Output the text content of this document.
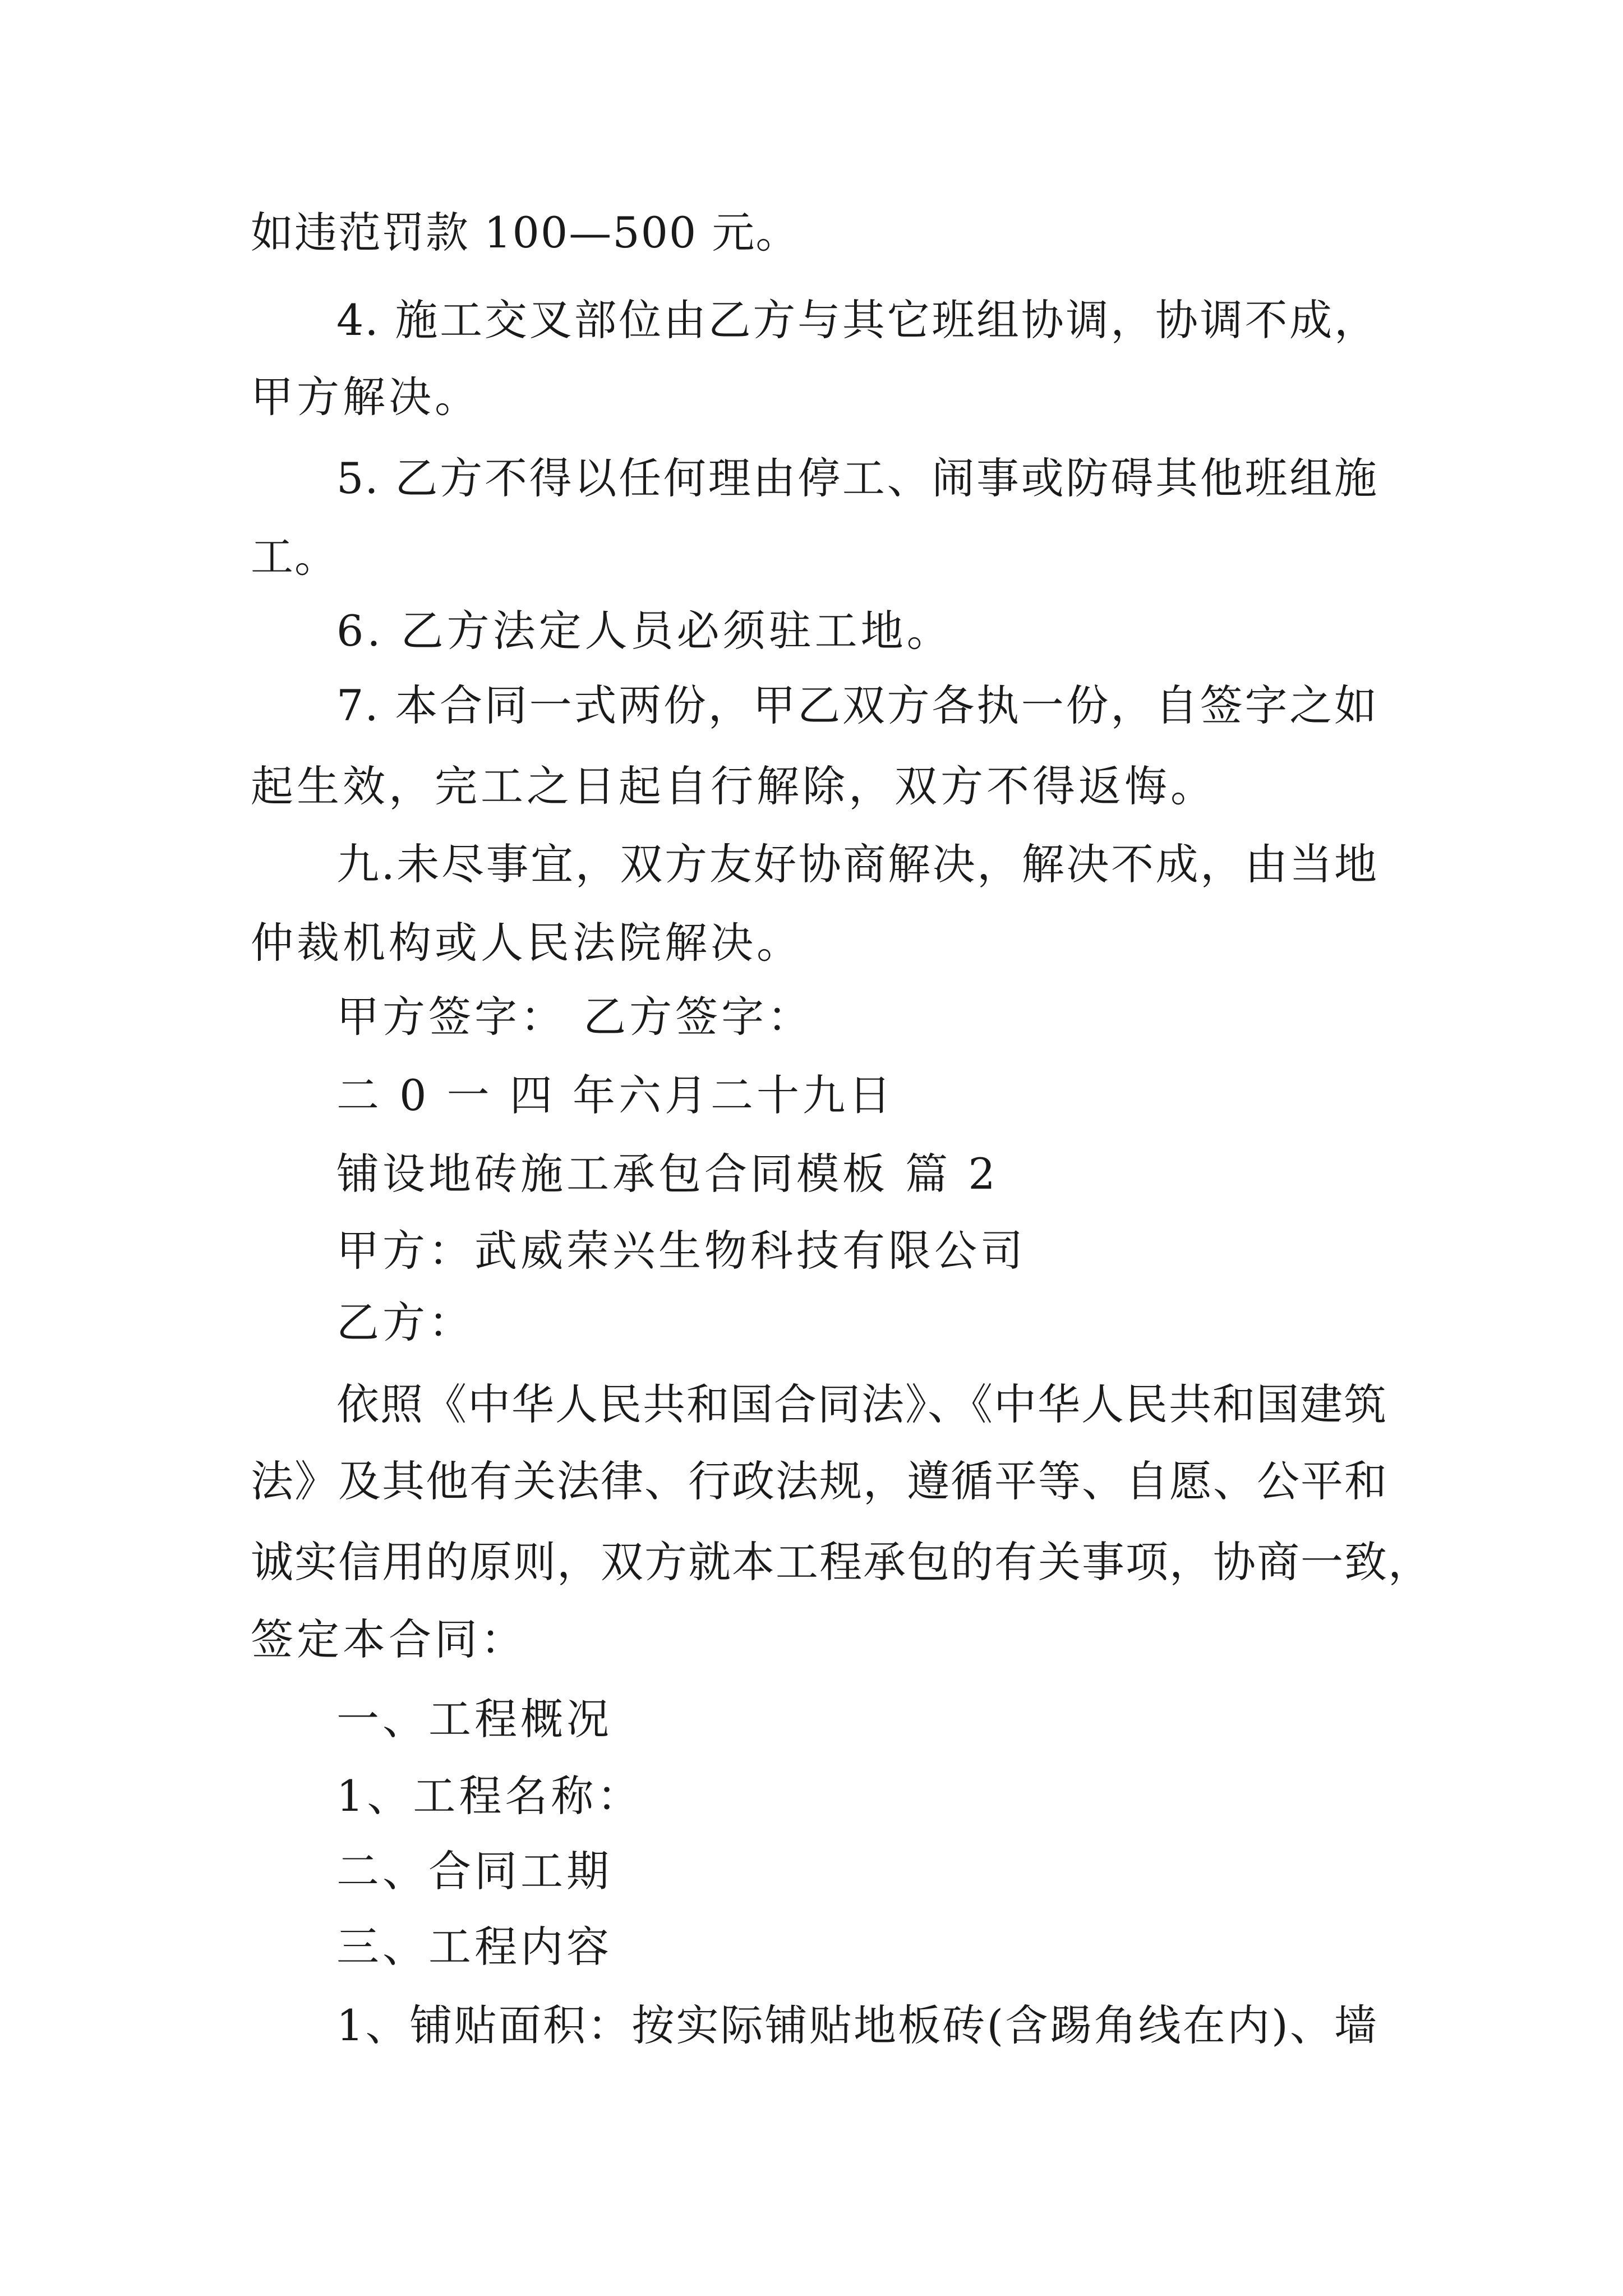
如违范罚款 100—500 元。
4. 施工交叉部位由乙方与其它班组协调，协调不成，
甲方解决。
5. 乙方不得以任何理由停工、闹事或防碍其他班组施
工。
6. 乙方法定人员必须驻工地。
7. 本合同一式两份，甲乙双方各执一份，自签字之如
起生效，完工之日起自行解除，双方不得返悔。
九.未尽事宜，双方友好协商解决，解决不成，由当地
仲裁机构或人民法院解决。
甲方签字： 乙方签字：
二 0 一 四 年六月二十九日
铺设地砖施工承包合同模板 篇 2
甲方：武威荣兴生物科技有限公司
乙方：
依照《中华人民共和国合同法》、《中华人民共和国建筑
法》及其他有关法律、行政法规，遵循平等、自愿、公平和
诚实信用的原则，双方就本工程承包的有关事项，协商一致，
签定本合同：
一、工程概况
1、工程名称：
二、合同工期
三、工程内容
1、铺贴面积：按实际铺贴地板砖(含踢角线在内)、墙
